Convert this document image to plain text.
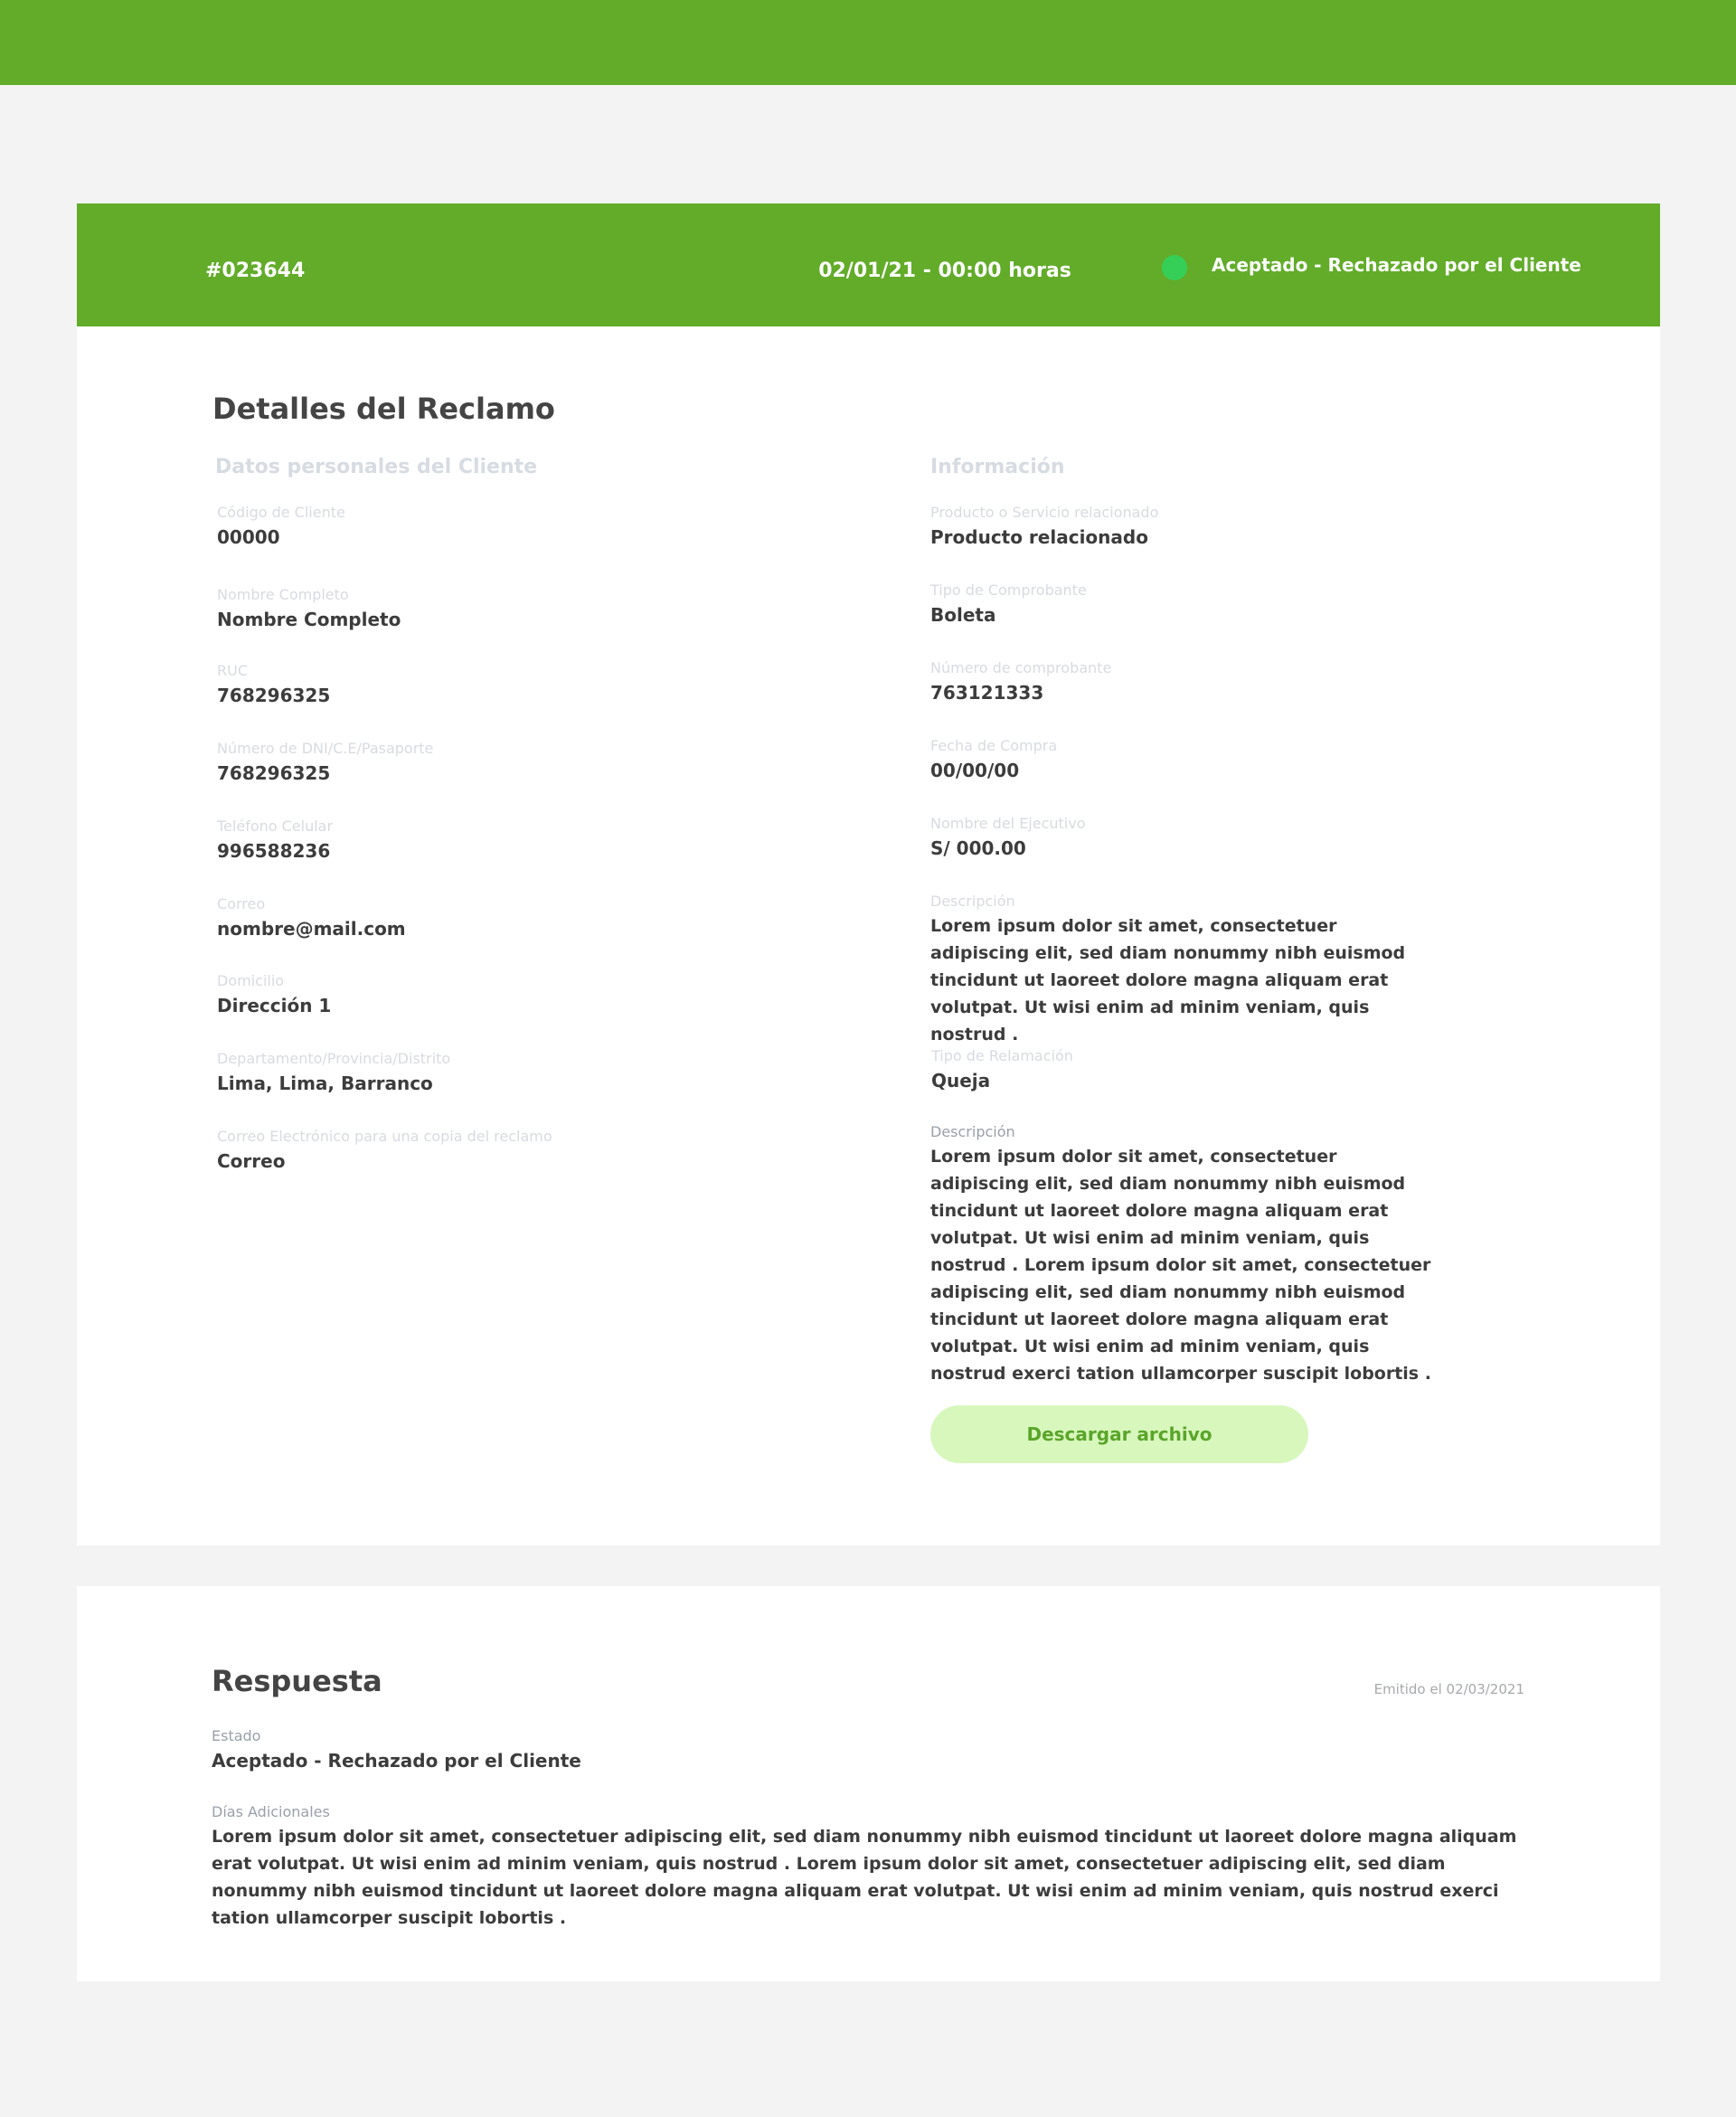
#023644	02/01/21 - 00:00 horas	Aceptado - Rechazado por el Cliente
Detalles del Reclamo
Datos personales del Cliente	Información
Código de Cliente
00000
Nombre Completo
Nombre Completo
RUC
768296325
Número de DNI/C.E/Pasaporte
768296325
Teléfono Celular
996588236
Correo
nombre@mail.com
Domicilio
Dirección 1
Departamento/Provincia/Distrito
Lima, Lima, Barranco
Correo Electrónico para una copia del reclamo
Correo
Producto o Servicio relacionado
Producto relacionado
Tipo de Comprobante
Boleta
Número de comprobante
763121333
Fecha de Compra
00/00/00
Nombre del Ejecutivo
S/ 000.00
Descripción
Lorem ipsum dolor sit amet, consectetuer adipiscing elit, sed diam nonummy nibh euismod tincidunt ut laoreet dolore magna aliquam erat volutpat. Ut wisi enim ad minim veniam, quis nostrud .
Tipo de Relamación
Queja
Descripción
Lorem ipsum dolor sit amet, consectetuer adipiscing elit, sed diam nonummy nibh euismod tincidunt ut laoreet dolore magna aliquam erat volutpat. Ut wisi enim ad minim veniam, quis nostrud . Lorem ipsum dolor sit amet, consectetuer adipiscing elit, sed diam nonummy nibh euismod tincidunt ut laoreet dolore magna aliquam erat volutpat. Ut wisi enim ad minim veniam, quis nostrud exerci tation ullamcorper suscipit lobortis .
Descargar archivo
Respuesta	Emitido el 02/03/2021
Estado
Aceptado - Rechazado por el Cliente
Días Adicionales
Lorem ipsum dolor sit amet, consectetuer adipiscing elit, sed diam nonummy nibh euismod tincidunt ut laoreet dolore magna aliquam erat volutpat. Ut wisi enim ad minim veniam, quis nostrud . Lorem ipsum dolor sit amet, consectetuer adipiscing elit, sed diam nonummy nibh euismod tincidunt ut laoreet dolore magna aliquam erat volutpat. Ut wisi enim ad minim veniam, quis nostrud exerci tation ullamcorper suscipit lobortis .
